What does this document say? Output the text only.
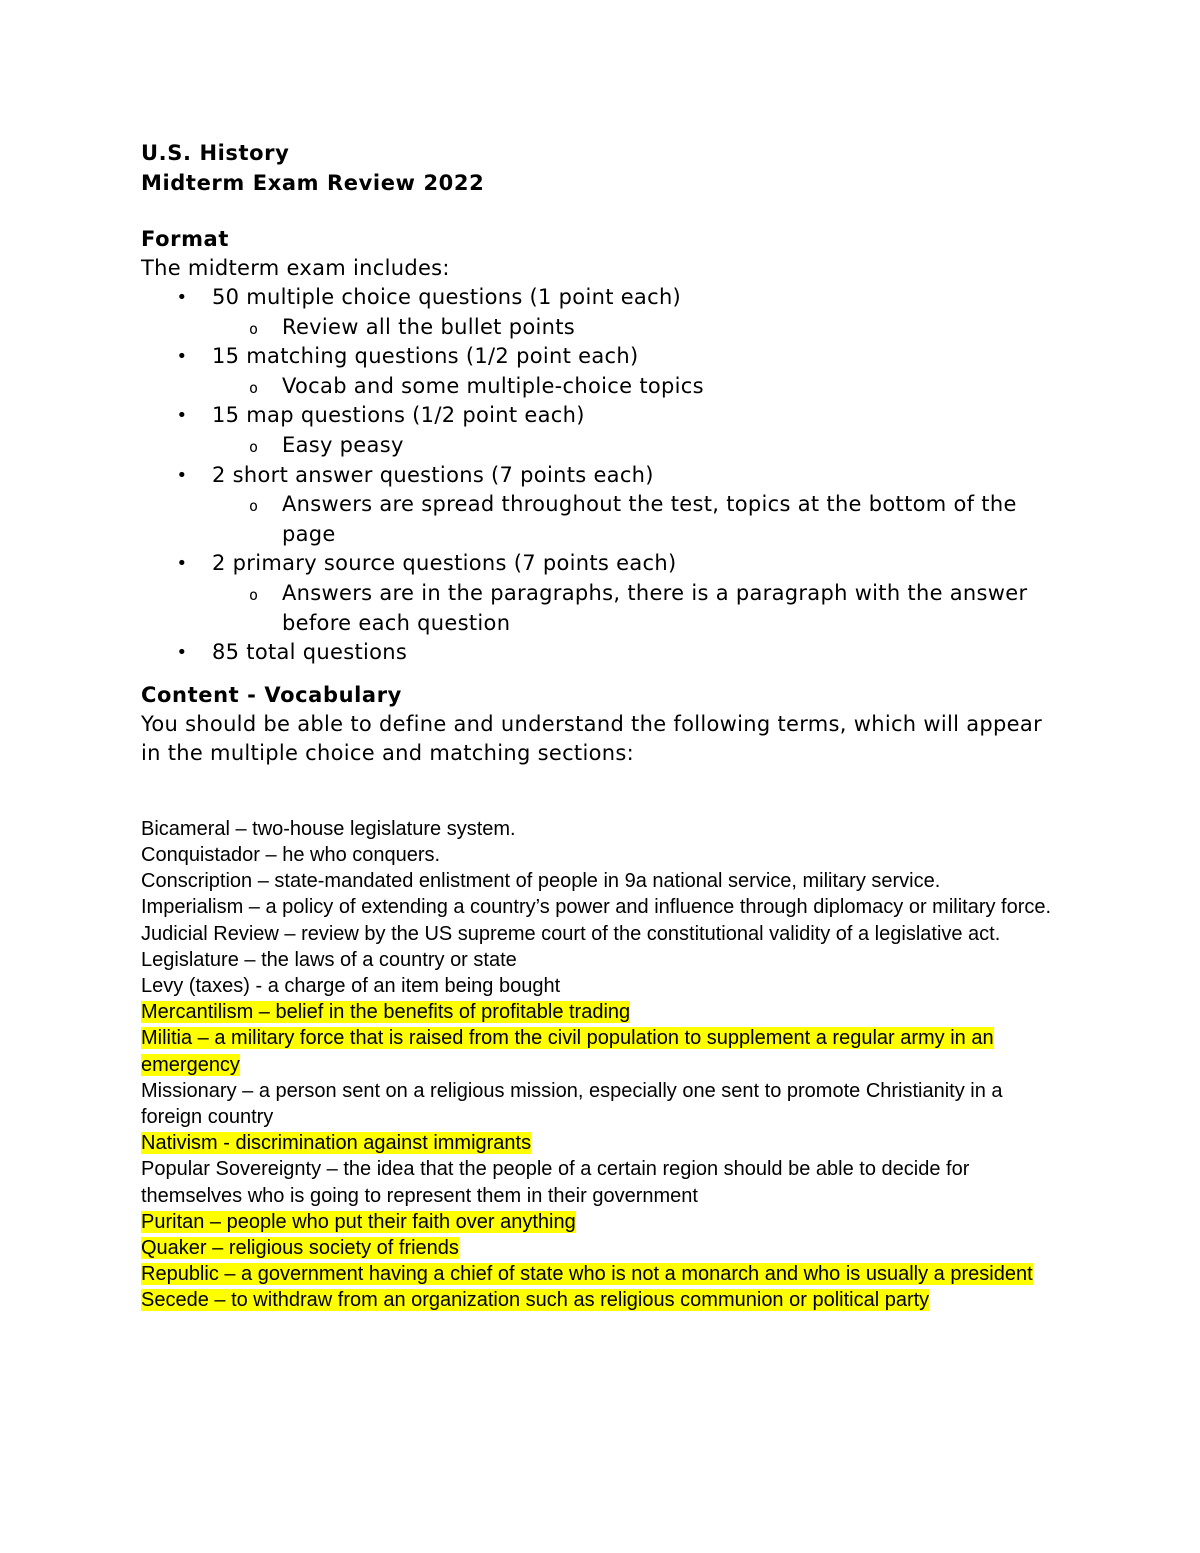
U.S. History
Midterm Exam Review 2022
Format
The midterm exam includes:
• 50 multiple choice questions (1 point each)
o Review all the bullet points
• 15 matching questions (1/2 point each)
o Vocab and some multiple-choice topics
• 15 map questions (1/2 point each)
o Easy peasy
• 2 short answer questions (7 points each)
o Answers are spread throughout the test, topics at the bottom of the page
• 2 primary source questions (7 points each)
o Answers are in the paragraphs, there is a paragraph with the answer before each question
• 85 total questions
Content - Vocabulary
You should be able to define and understand the following terms, which will appear in the multiple choice and matching sections:
Bicameral – two-house legislature system.
Conquistador – he who conquers.
Conscription – state-mandated enlistment of people in 9a national service, military service.
Imperialism – a policy of extending a country’s power and influence through diplomacy or military force.
Judicial Review – review by the US supreme court of the constitutional validity of a legislative act.
Legislature – the laws of a country or state
Levy (taxes) - a charge of an item being bought
Mercantilism – belief in the benefits of profitable trading
Militia – a military force that is raised from the civil population to supplement a regular army in an emergency
Missionary – a person sent on a religious mission, especially one sent to promote Christianity in a foreign country
Nativism - discrimination against immigrants
Popular Sovereignty – the idea that the people of a certain region should be able to decide for themselves who is going to represent them in their government
Puritan – people who put their faith over anything
Quaker – religious society of friends
Republic – a government having a chief of state who is not a monarch and who is usually a president
Secede – to withdraw from an organization such as religious communion or political party
